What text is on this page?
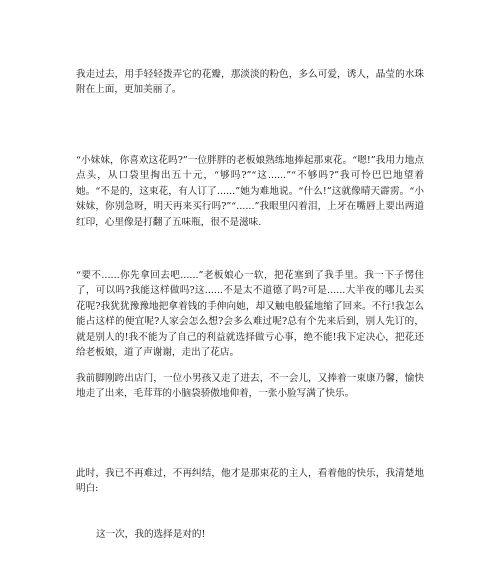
我走过去，用手轻轻拨弄它的花瓣，那淡淡的粉色，多么可爱，诱人，晶莹的水珠附在上面，更加美丽了。

“小妹妹，你喜欢这花吗?”一位胖胖的老板娘熟练地捧起那束花。“嗯!”我用力地点点头，从口袋里掏出五十元，“够吗?”“这......”“不够吗?”我可怜巴巴地望着她。“不是的，这束花，有人订了......”她为难地说。“什么!”这就像晴天霹雳。“小妹妹，你别急呀，明天再来买行吗?”“......”我眼里闪着泪，上牙在嘴唇上要出两道红印，心里像是打翻了五味瓶，很不是滋味.

“要不......你先拿回去吧......”老板娘心一软，把花塞到了我手里。我一下子愣住了，可以吗?我能这样做吗?这......不是太不道德了吗?可是......大半夜的哪儿去买花呢?我犹犹豫豫地把拿着钱的手伸向她，却又触电般猛地缩了回来。不行!我怎么能占这样的便宜呢?人家会怎么想?会多么难过呢?总有个先来后到，别人先订的，就是别人的!我不能为了自己的利益就选择做亏心事，绝不能!我下定决心，把花还给老板娘，道了声谢谢，走出了花店。

我前脚刚跨出店门，一位小男孩又走了进去，不一会儿，又捧着一束康乃馨，愉快地走了出来，毛茸茸的小脑袋骄傲地仰着，一张小脸写满了快乐。

此时，我已不再难过，不再纠结，他才是那束花的主人，看着他的快乐，我清楚地明白:

这一次，我的选择是对的!
